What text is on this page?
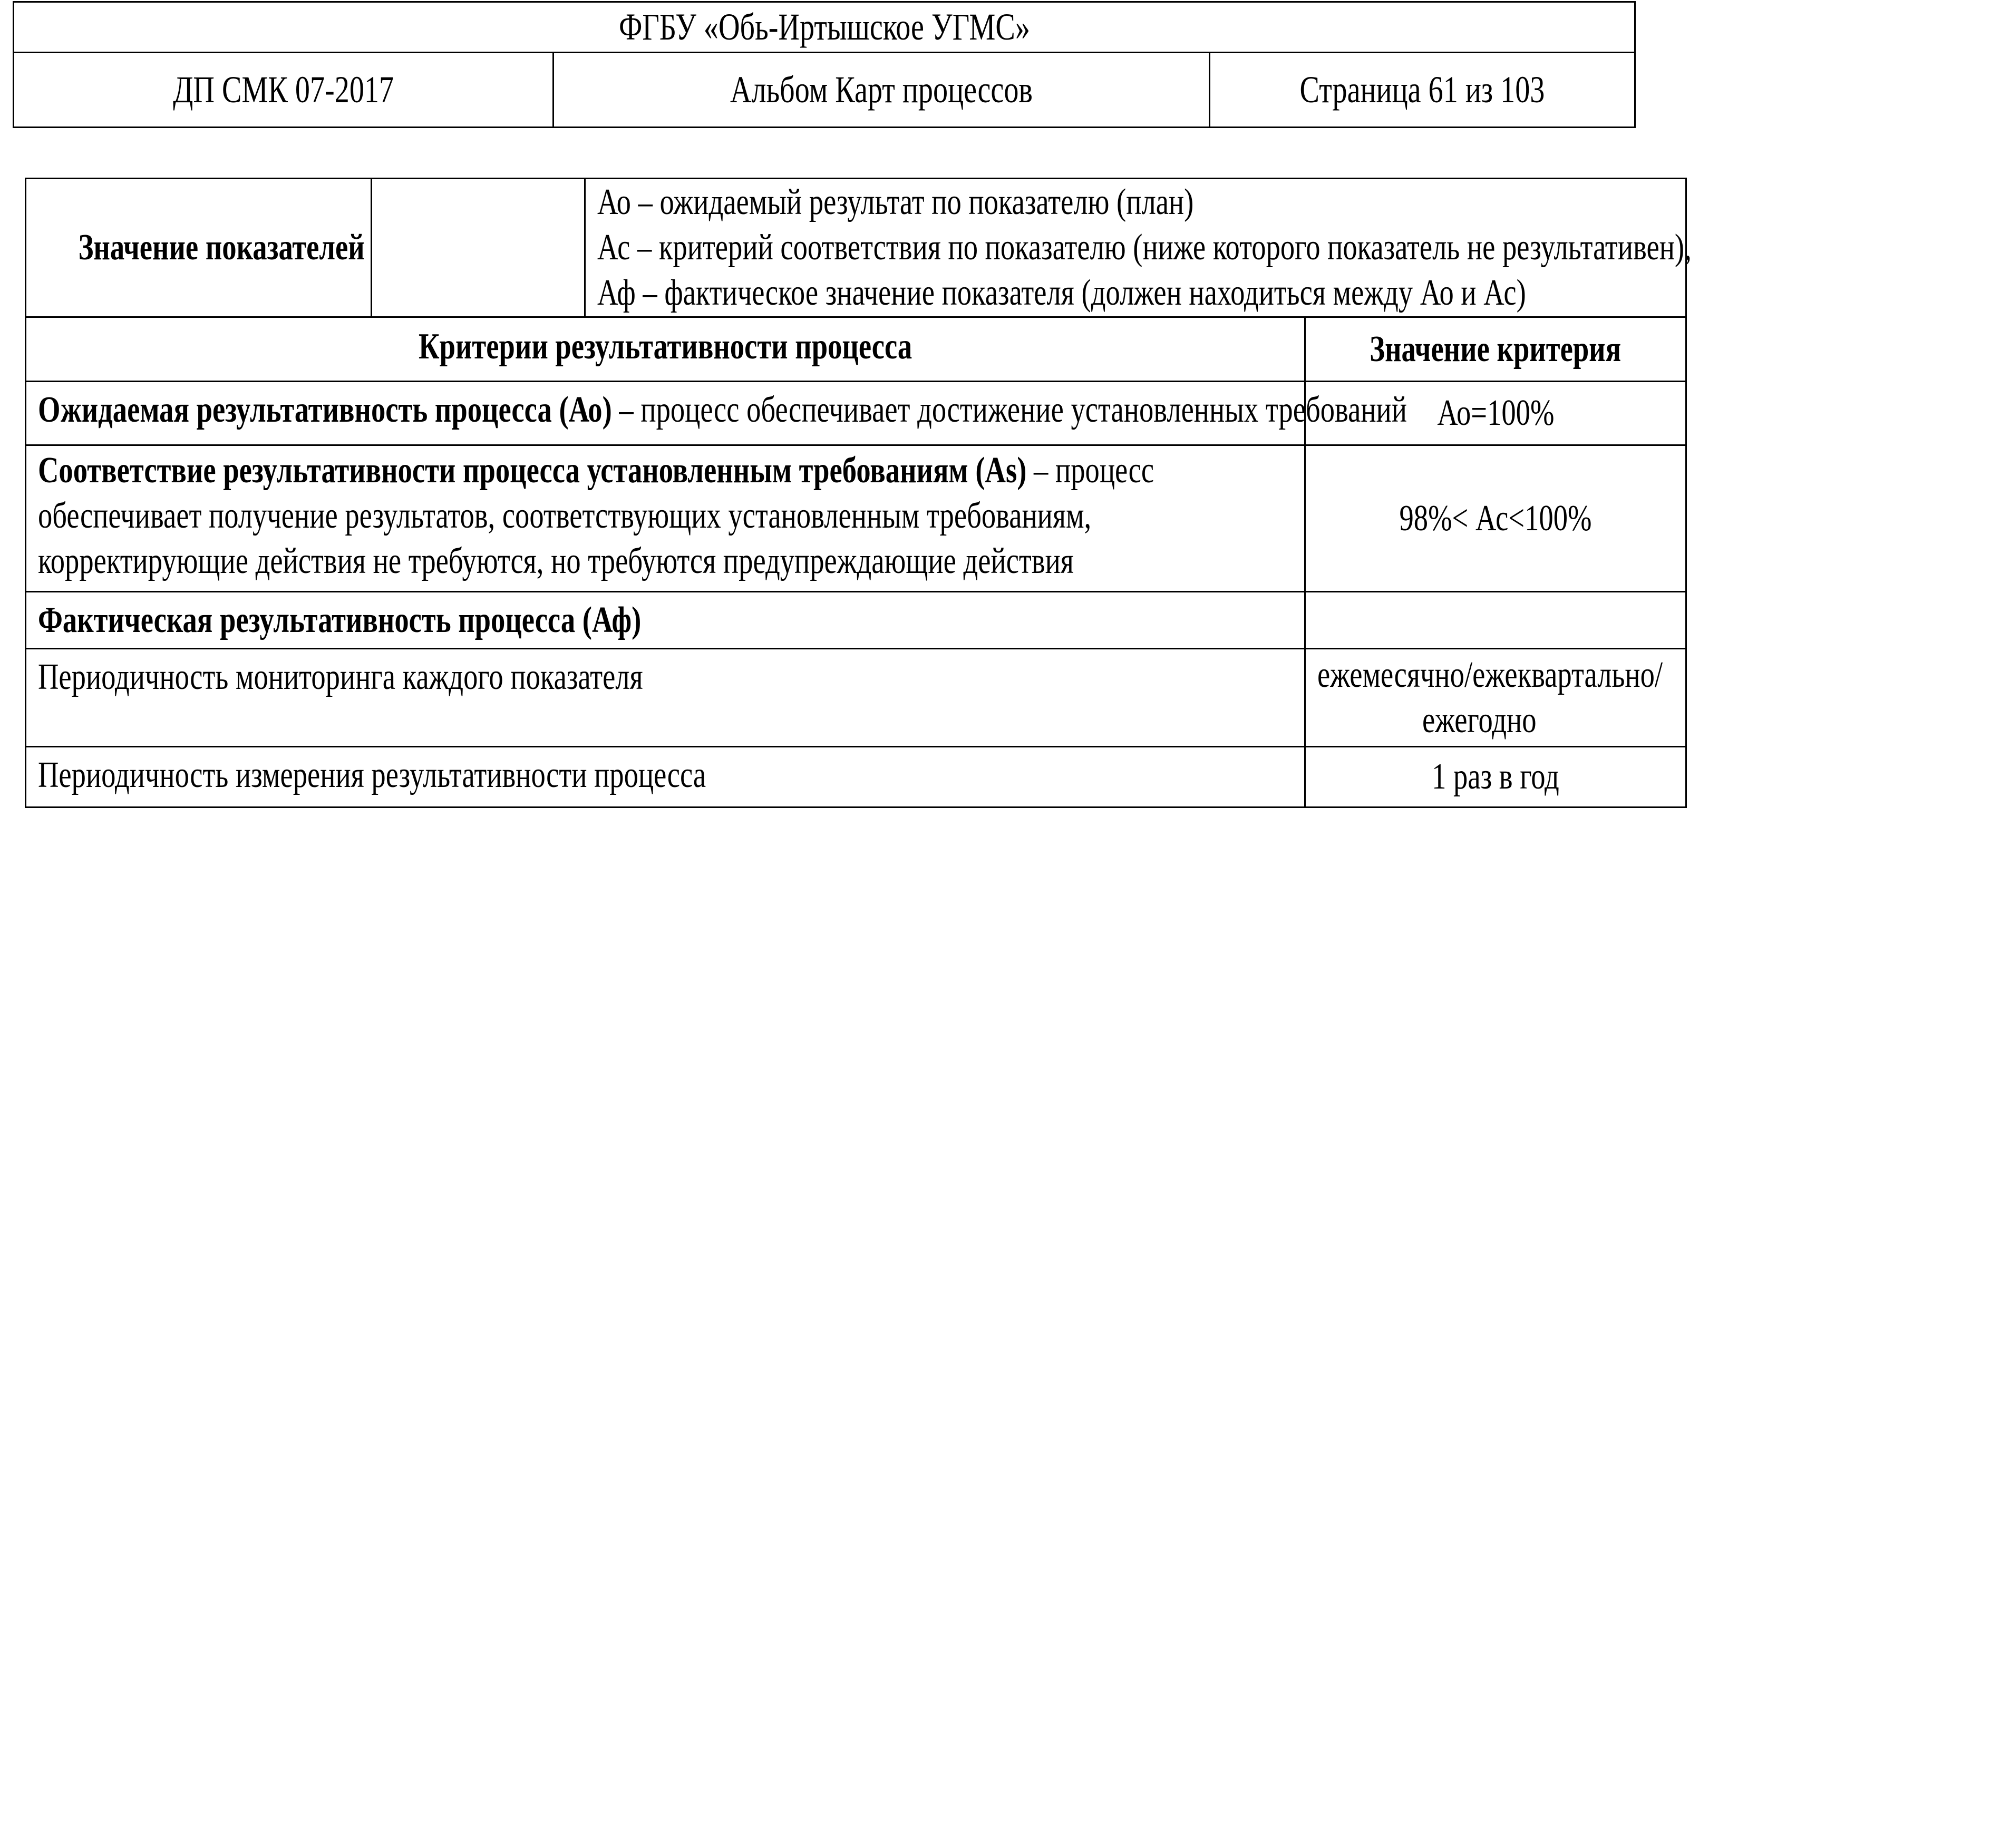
ФГБУ «Обь-Иртышское УГМС»
ДП СМК 07-2017	Альбом Карт процессов	Страница 61 из 103
Значение показателей		Ао – ожидаемый результат по показателю (план)
Ас – критерий соответствия по показателю (ниже которого показатель не результативен),
Аф – фактическое значение показателя (должен находиться между Ао и Ас)	

Критерии результативности процесса			Значение критерия

Ожидаемая результативность процесса (Ао) – процесс обеспечивает достижение установленных требований			Ао=100%

Соответствие результативности процесса установленным требованиям (As) – процесс обеспечивает получение результатов, соответствующих установленным требованиям, корректирующие действия не требуются, но требуются предупреждающие действия			98%< Ас<100%

Фактическая результативность процесса (Аф)			

Периодичность мониторинга каждого показателя			ежемесячно/ежеквартально/
ежегодно

Периодичность измерения результативности процесса			1 раз в год
